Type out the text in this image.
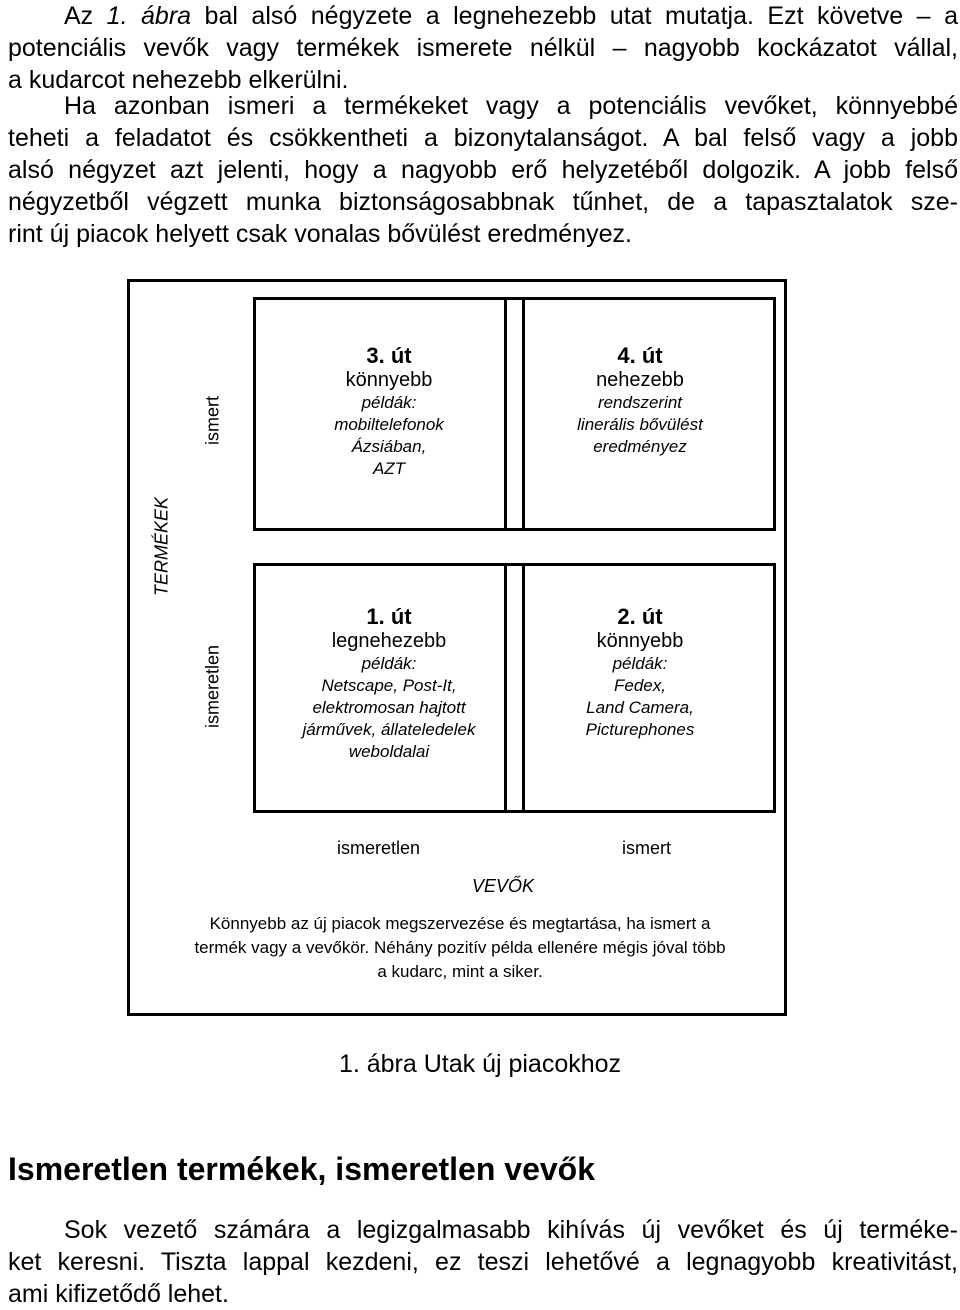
Az 1. ábra bal alsó négyzete a legnehezebb utat mutatja. Ezt követve – a
potenciális vevők vagy termékek ismerete nélkül – nagyobb kockázatot vállal,
a kudarcot nehezebb elkerülni.
Ha azonban ismeri a termékeket vagy a potenciális vevőket, könnyebbé
teheti a feladatot és csökkentheti a bizonytalanságot. A bal felső vagy a jobb
alsó négyzet azt jelenti, hogy a nagyobb erő helyzetéből dolgozik. A jobb felső
négyzetből végzett munka biztonságosabbnak tűnhet, de a tapasztalatok sze-
rint új piacok helyett csak vonalas bővülést eredményez.
TERMÉKEK
ismert
ismeretlen
3. út
könnyebb
példák:
mobiltelefonok
Ázsiában,
AZT
4. út
nehezebb
rendszerint
linerális bővülést
eredményez
1. út
legnehezebb
példák:
Netscape, Post-It,
elektromosan hajtott
járművek, állateledelek
weboldalai
2. út
könnyebb
példák:
Fedex,
Land Camera,
Picturephones
ismeretlen	ismert
VEVŐK
Könnyebb az új piacok megszervezése és megtartása, ha ismert a
termék vagy a vevőkör. Néhány pozitív példa ellenére mégis jóval több
a kudarc, mint a siker.
1. ábra Utak új piacokhoz
Ismeretlen termékek, ismeretlen vevők
Sok vezető számára a legizgalmasabb kihívás új vevőket és új terméke-
ket keresni. Tiszta lappal kezdeni, ez teszi lehetővé a legnagyobb kreativitást,
ami kifizetődő lehet.
